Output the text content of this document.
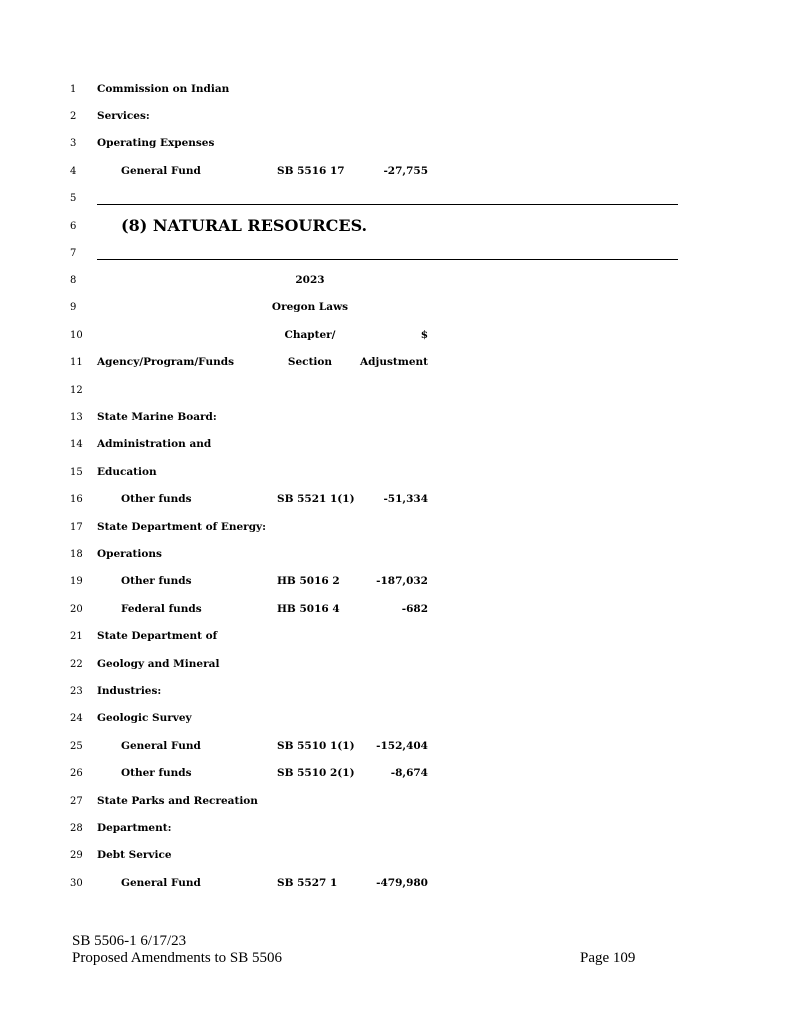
1
2
3
4
5
6
7
8
9
10
11
12
13
14
15
16
17
18
19
20
21
22
23
24
25
26
27
28
29
30
Commission on Indian
Services:
Operating Expenses
General Fund	SB 5516 17	-27,755
(8) NATURAL RESOURCES.
2023
Oregon Laws
Chapter/	$
Agency/Program/Funds	Section	Adjustment
State Marine Board:
Administration and
Education
Other funds	SB 5521 1(1)	-51,334
State Department of Energy:
Operations
Other funds	HB 5016 2	-187,032
Federal funds	HB 5016 4	-682
State Department of
Geology and Mineral
Industries:
Geologic Survey
General Fund	SB 5510 1(1)	-152,404
Other funds	SB 5510 2(1)	-8,674
State Parks and Recreation
Department:
Debt Service
General Fund	SB 5527 1	-479,980
SB 5506-1 6/17/23
Proposed Amendments to SB 5506	Page 109
